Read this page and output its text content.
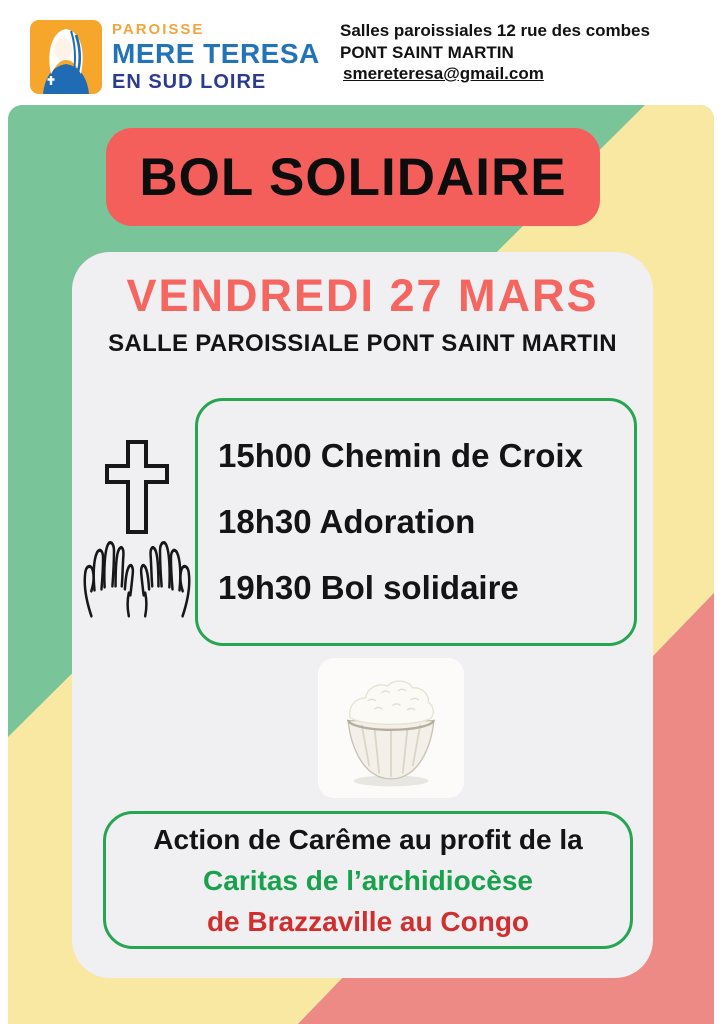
PAROISSE
MERE TERESA
EN SUD LOIRE
Salles paroissiales 12 rue des combes
PONT SAINT MARTIN
smereteresa@gmail.com
BOL SOLIDAIRE
VENDREDI 27 MARS
SALLE PAROISSIALE PONT SAINT MARTIN
15h00 Chemin de Croix
18h30 Adoration
19h30 Bol solidaire
Action de Carême au profit de la
Caritas de l’archidiocèse
de Brazzaville au Congo
